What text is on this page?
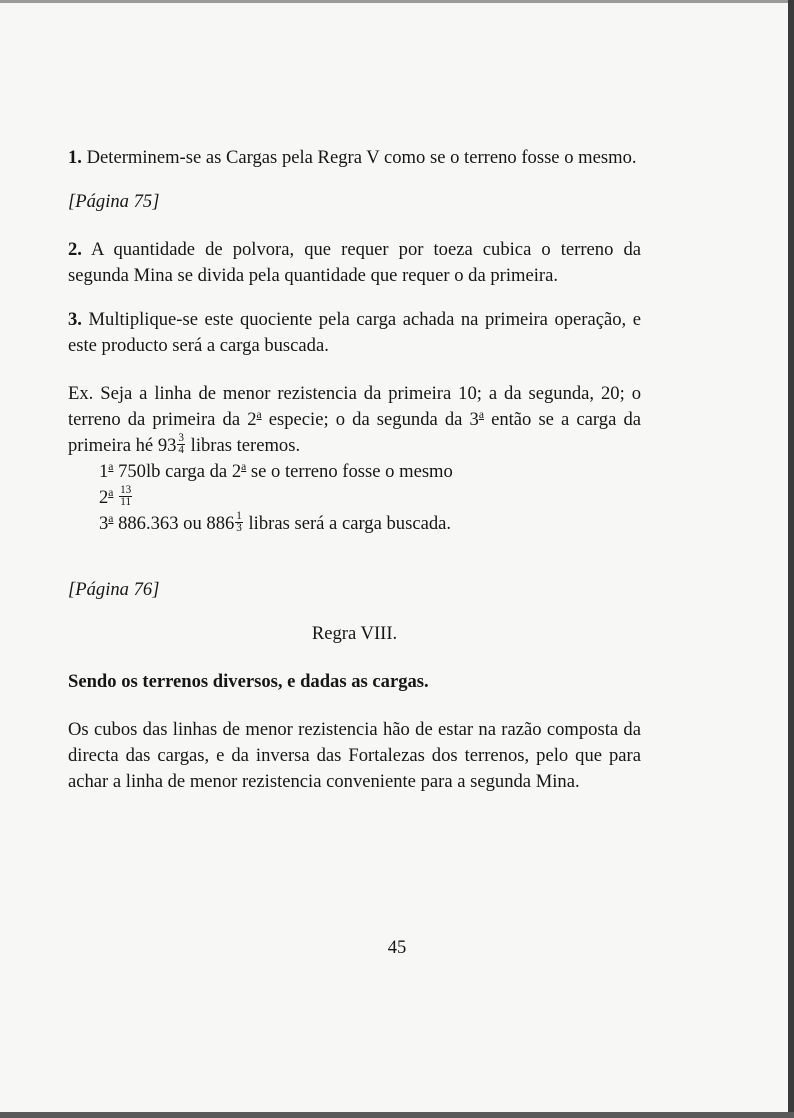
1. Determinem-se as Cargas pela Regra V como se o terreno fosse o mesmo.

[Página 75]

2. A quantidade de polvora, que requer por toeza cubica o terreno da segunda Mina se divida pela quantidade que requer o da primeira.

3. Multiplique-se este quociente pela carga achada na primeira operação, e este producto será a carga buscada.

Ex. Seja a linha de menor rezistencia da primeira 10; a da segunda, 20; o terreno da primeira da 2$^a$ especie; o da segunda da 3$^a$ então se a carga da primeira hé $93 \frac{3}{4}$ libras teremos.

1$^a$ 750lb carga da 2$^a$ se o terreno fosse o mesmo

$2^a \frac{13}{11}$

3$^a$ 886.363 ou $886 \frac{1}{3}$ libras será a carga buscada.

[Página 76]

Regra VIII.

Sendo os terrenos diversos, e dadas as cargas.

Os cubos das linhas de menor rezistencia hão de estar na razão composta da directa das cargas, e da inversa das Fortalezas dos terrenos, pelo que para achar a linha de menor rezistencia conveniente para a segunda Mina.

45
